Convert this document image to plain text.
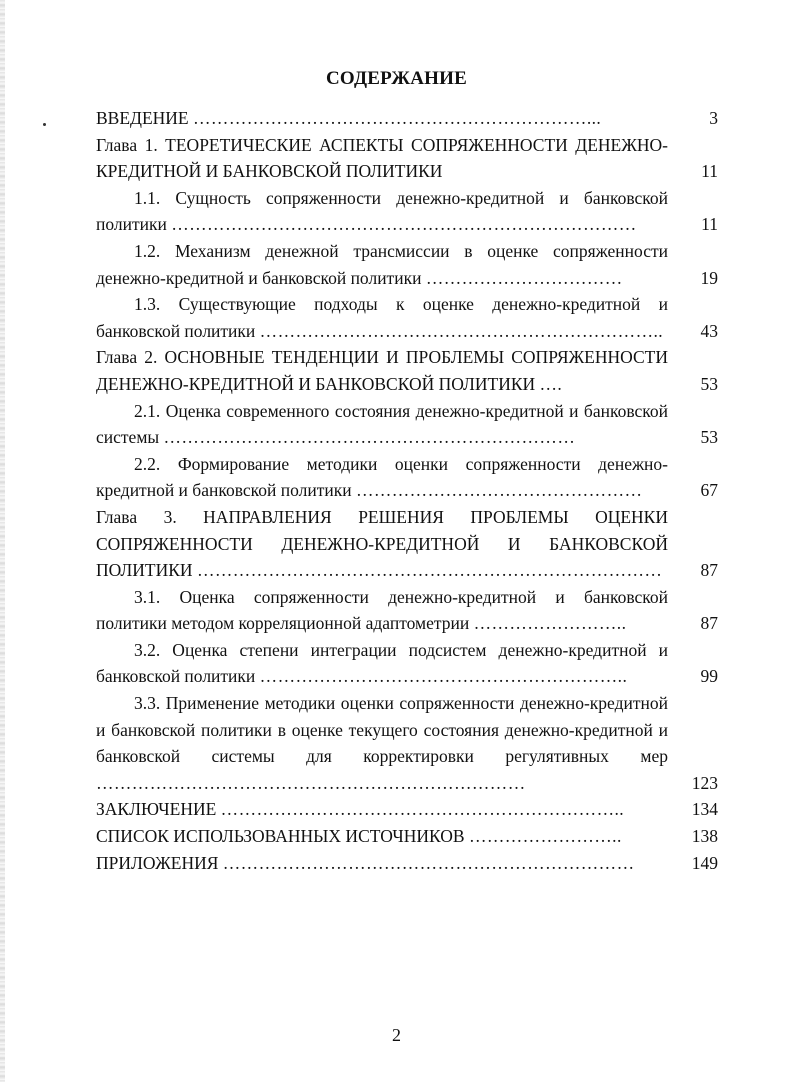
СОДЕРЖАНИЕ
ВВЕДЕНИЕ …………………………………………………………...	3
Глава 1. ТЕОРЕТИЧЕСКИЕ АСПЕКТЫ СОПРЯЖЕННОСТИ ДЕНЕЖНО-КРЕДИТНОЙ И БАНКОВСКОЙ ПОЛИТИКИ	11
1.1. Сущность сопряженности денежно-кредитной и банковской политики ……………………………………………………………………	11
1.2. Механизм денежной трансмиссии в оценке сопряженности денежно-кредитной и банковской политики ……………………………	19
1.3. Существующие подходы к оценке денежно-кредитной и банковской политики …………………………………………………………..	43
Глава 2. ОСНОВНЫЕ ТЕНДЕНЦИИ И ПРОБЛЕМЫ СОПРЯЖЕННОСТИ ДЕНЕЖНО-КРЕДИТНОЙ И БАНКОВСКОЙ ПОЛИТИКИ ….	53
2.1. Оценка современного состояния денежно-кредитной и банковской системы ……………………………………………………………	53
2.2. Формирование методики оценки сопряженности денежно-кредитной и банковской политики …………………………………………	67
Глава 3. НАПРАВЛЕНИЯ РЕШЕНИЯ ПРОБЛЕМЫ ОЦЕНКИ СОПРЯЖЕННОСТИ ДЕНЕЖНО-КРЕДИТНОЙ И БАНКОВСКОЙ ПОЛИТИКИ ……………………………………………………………………	87
3.1. Оценка сопряженности денежно-кредитной и банковской политики методом корреляционной адаптометрии ……………………..	87
3.2. Оценка степени интеграции подсистем денежно-кредитной и банковской политики ……………………………………………………..	99
3.3. Применение методики оценки сопряженности денежно-кредитной и банковской политики в оценке текущего состояния денежно-кредитной и банковской системы для корректировки регулятивных мер ………………………………………………………………	123
ЗАКЛЮЧЕНИЕ …………………………………………………………..	134
СПИСОК ИСПОЛЬЗОВАННЫХ ИСТОЧНИКОВ ……………………..	138
ПРИЛОЖЕНИЯ ……………………………………………………………	149
2
